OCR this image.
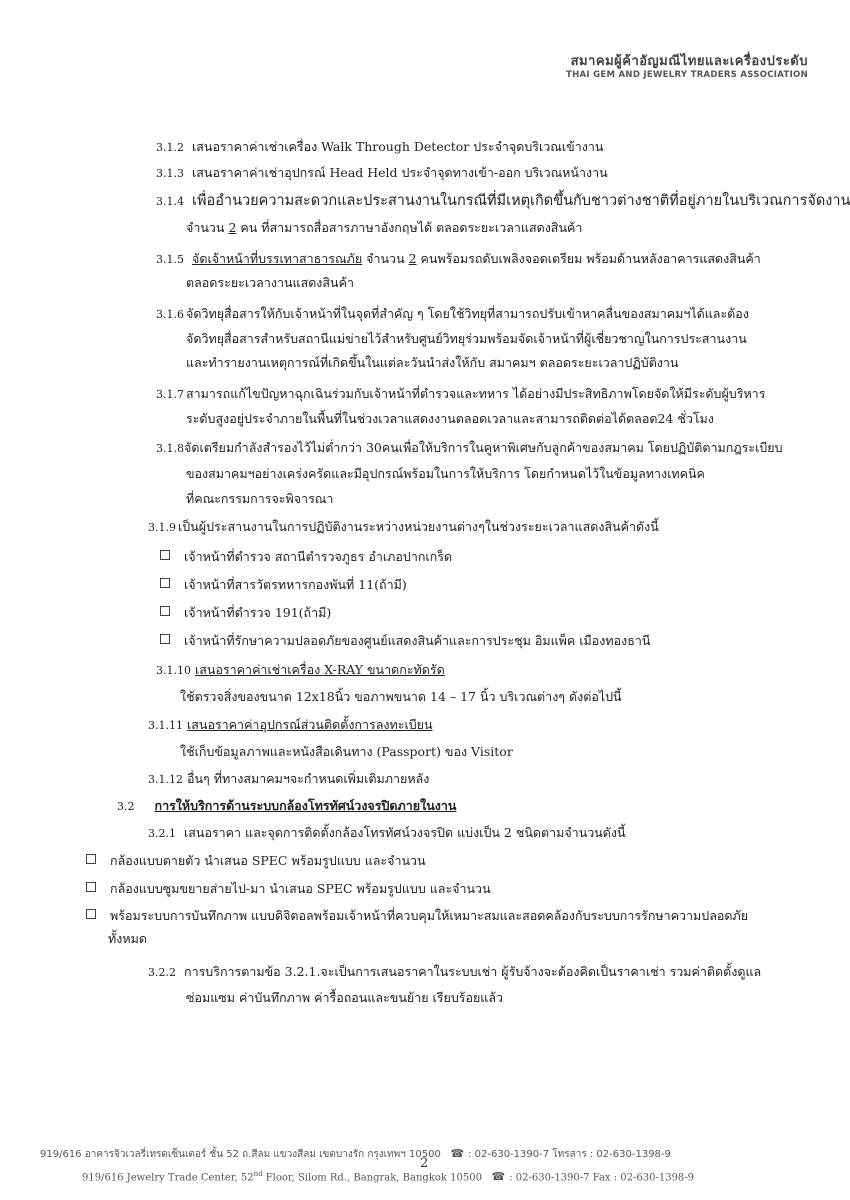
สมาคมผู้ค้าอัญมณีไทยและเครื่องประดับ
THAI GEM AND JEWELRY TRADERS ASSOCIATION
3.1.2 เสนอราคาค่าเช่าเครื่อง Walk Through Detector ประจำจุดบริเวณเข้างาน
3.1.3 เสนอราคาค่าเช่าอุปกรณ์ Head Held ประจำจุดทางเข้า-ออก บริเวณหน้างาน
3.1.4 เพื่ออำนวยความสะดวกและประสานงานในกรณีที่มีเหตุเกิดขึ้นกับชาวต่างชาติที่อยู่ภายในบริเวณการจัดงาน
จำนวน 2 คน ที่สามารถสื่อสารภาษาอังกฤษได้ ตลอดระยะเวลาแสดงสินค้า
3.1.5 จัดเจ้าหน้าที่บรรเทาสาธารณภัย จำนวน 2 คนพร้อมรถดับเพลิงจอดเตรียม พร้อมด้านหลังอาคารแสดงสินค้า
ตลอดระยะเวลางานแสดงสินค้า
3.1.6 จัดวิทยุสื่อสารให้กับเจ้าหน้าที่ในจุดที่สำคัญ ๆ โดยใช้วิทยุที่สามารถปรับเข้าหาคลื่นของสมาคมฯได้และต้อง
จัดวิทยุสื่อสารสำหรับสถานีแม่ข่ายไว้สำหรับศูนย์วิทยุร่วมพร้อมจัดเจ้าหน้าที่ผู้เชี่ยวชาญในการประสานงาน
และทำรายงานเหตุการณ์ที่เกิดขึ้นในแต่ละวันนำส่งให้กับ สมาคมฯ ตลอดระยะเวลาปฏิบัติงาน
3.1.7 สามารถแก้ไขปัญหาฉุกเฉินร่วมกับเจ้าหน้าที่ตำรวจและทหาร ได้อย่างมีประสิทธิภาพโดยจัดให้มีระดับผู้บริหาร
ระดับสูงอยู่ประจำภายในพื้นที่ในช่วงเวลาแสดงงานตลอดเวลาและสามารถติดต่อได้ตลอด24 ชั่วโมง
3.1.8จัดเตรียมกำลังสำรองไว้ไม่ต่ำกว่า 30คนเพื่อให้บริการในคูหาพิเศษกับลูกค้าของสมาคม โดยปฏิบัติตามกฎระเบียบ
ของสมาคมฯอย่างเคร่งครัดและมีอุปกรณ์พร้อมในการให้บริการ โดยกำหนดไว้ในข้อมูลทางเทคนิค
ที่คณะกรรมการจะพิจารณา
3.1.9 เป็นผู้ประสานงานในการปฏิบัติงานระหว่างหน่วยงานต่างๆในช่วงระยะเวลาแสดงสินค้าดังนี้
เจ้าหน้าที่ตำรวจ สถานีตำรวจภูธร อำเภอปากเกร็ด
เจ้าหน้าที่สารวัตรทหารกองพันที่ 11(ถ้ามี)
เจ้าหน้าที่ตำรวจ 191(ถ้ามี)
เจ้าหน้าที่รักษาความปลอดภัยของศูนย์แสดงสินค้าและการประชุม อิมแพ็ค เมืองทองธานี
3.1.10 เสนอราคาค่าเช่าเครื่อง X-RAY ขนาดกะทัดรัด
ใช้ตรวจสิ่งของขนาด 12x18นิ้ว ขอภาพขนาด 14 – 17 นิ้ว บริเวณต่างๆ ดังต่อไปนี้
3.1.11 เสนอราคาค่าอุปกรณ์ส่วนติดตั้งการลงทะเบียน
ใช้เก็บข้อมูลภาพและหนังสือเดินทาง (Passport) ของ Visitor
3.1.12 อื่นๆ ที่ทางสมาคมฯจะกำหนดเพิ่มเติมภายหลัง
3.2 การให้บริการด้านระบบกล้องโทรทัศน์วงจรปิดภายในงาน
3.2.1 เสนอราคา และจุดการติดตั้งกล้องโทรทัศน์วงจรปิด แบ่งเป็น 2 ชนิดตามจำนวนดังนี้
กล้องแบบตายตัว นำเสนอ SPEC พร้อมรูปแบบ และจำนวน
กล้องแบบซูมขยายส่ายไป-มา นำเสนอ SPEC พร้อมรูปแบบ และจำนวน
พร้อมระบบการบันทึกภาพ แบบดิจิตอลพร้อมเจ้าหน้าที่ควบคุมให้เหมาะสมและสอดคล้องกับระบบการรักษาความปลอดภัย
ทั้งหมด
3.2.2 การบริการตามข้อ 3.2.1.จะเป็นการเสนอราคาในระบบเช่า ผู้รับจ้างจะต้องคิดเป็นราคาเช่า รวมค่าติดตั้งดูแล
ซ่อมแซม ค่าบันทึกภาพ ค่ารื้อถอนและขนย้าย เรียบร้อยแล้ว
919/616 อาคารจิวเวลรี่เทรดเซ็นเตอร์ ชั้น 52 ถ.สีลม แขวงสีลม เขตบางรัก กรุงเทพฯ 10500 ☎ : 02-630-1390-7 โทรสาร : 02-630-1398-9
2
919/616 Jewelry Trade Center, 52nd Floor, Silom Rd., Bangrak, Bangkok 10500 ☎ : 02-630-1390-7 Fax : 02-630-1398-9
